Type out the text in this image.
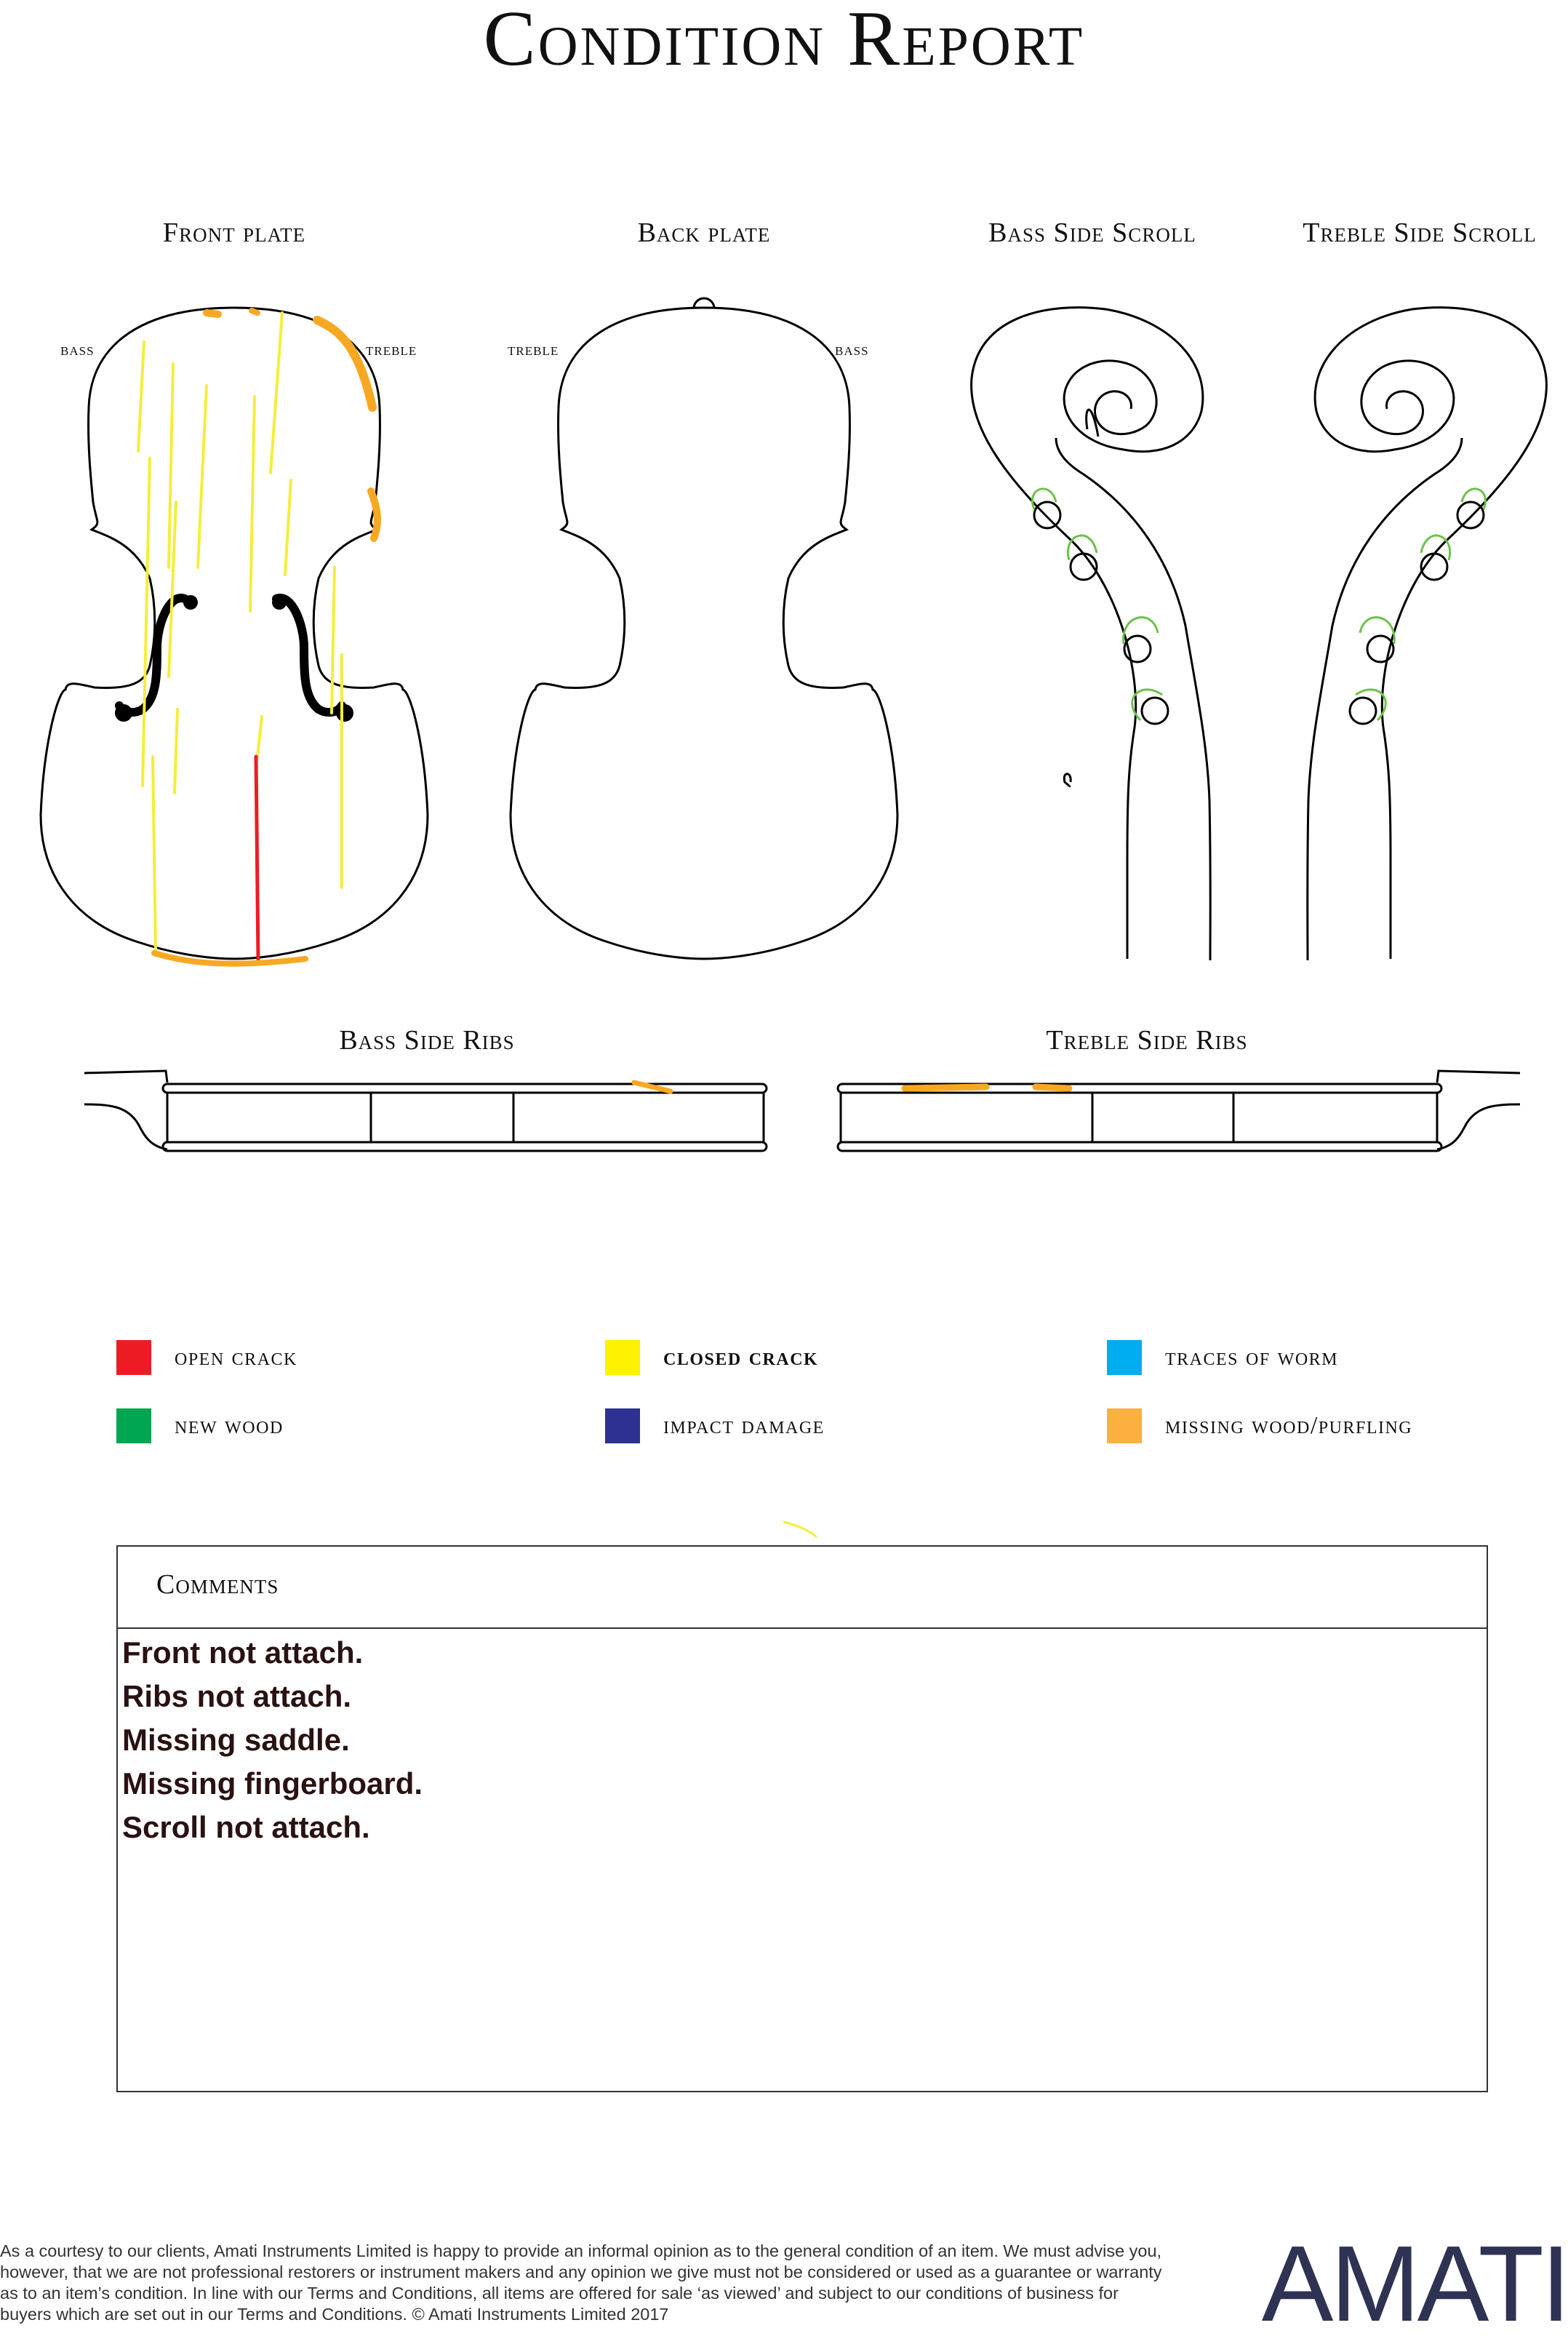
Condition Report
Front plate	Back plate	Bass Side Scroll	Treble Side Scroll
Bass Side Ribs	Treble Side Ribs
bass	treble	treble	bass
open crack	closed crack	traces of worm
new wood	impact damage	missing wood/purfling
Comments
Front not attach.
Ribs not attach.
Missing saddle.
Missing fingerboard.
Scroll not attach.
As a courtesy to our clients, Amati Instruments Limited is happy to provide an informal opinion as to the general condition of an item. We must advise you, however, that we are not professional restorers or instrument makers and any opinion we give must not be considered or used as a guarantee or warranty as to an item’s condition. In line with our Terms and Conditions, all items are offered for sale ‘as viewed’ and subject to our conditions of business for buyers which are set out in our Terms and Conditions. © Amati Instruments Limited 2017	AMATI
